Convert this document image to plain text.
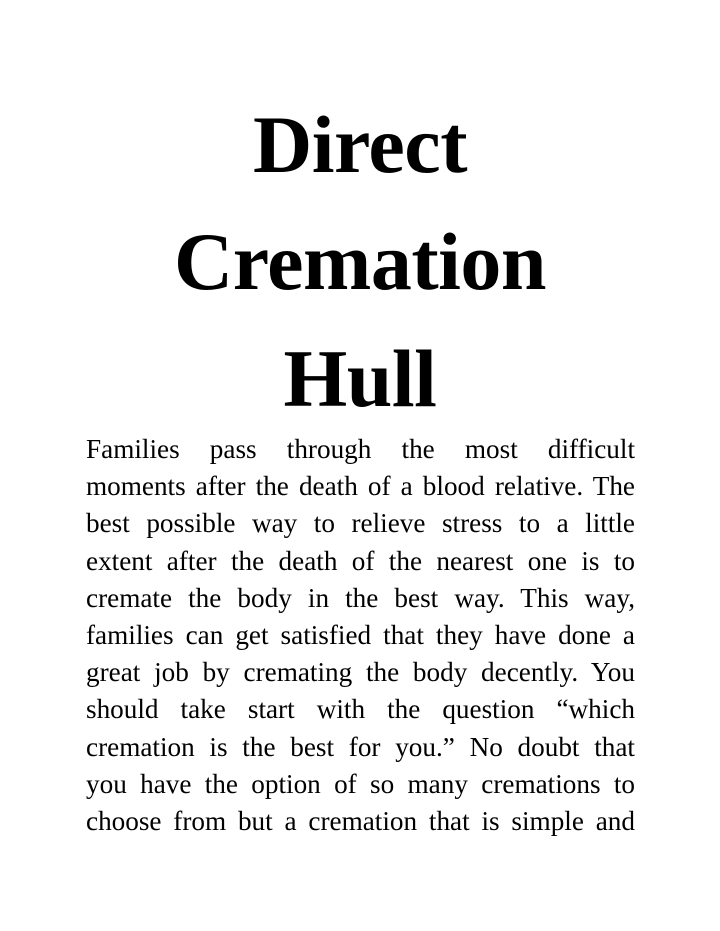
Direct
Cremation
Hull
Families pass through the most difficult
moments after the death of a blood relative. The
best possible way to relieve stress to a little
extent after the death of the nearest one is to
cremate the body in the best way. This way,
families can get satisfied that they have done a
great job by cremating the body decently. You
should take start with the question “which
cremation is the best for you.” No doubt that
you have the option of so many cremations to
choose from but a cremation that is simple and
